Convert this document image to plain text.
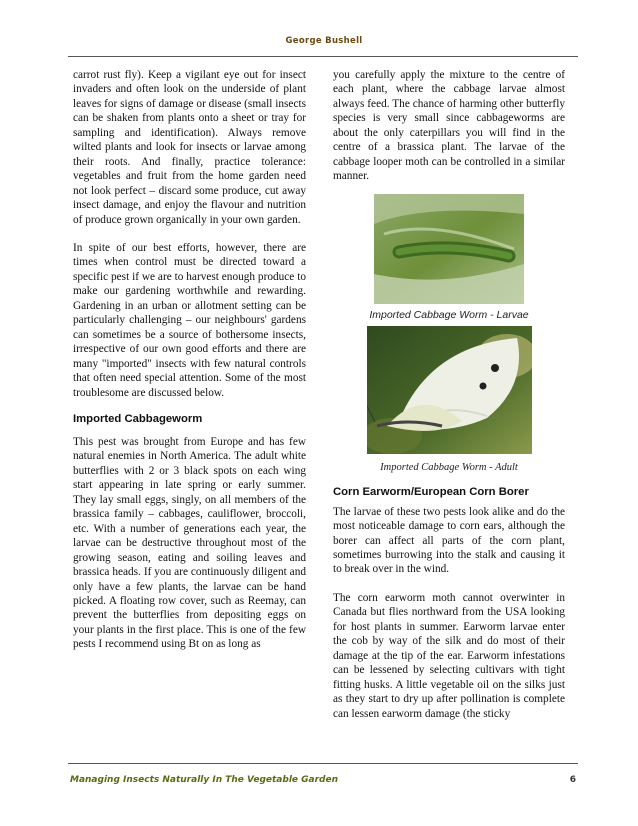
George Bushell

carrot rust fly). Keep a vigilant eye out for insect invaders and often look on the underside of plant leaves for signs of damage or disease (small insects can be shaken from plants onto a sheet or tray for sampling and identification). Always remove wilted plants and look for insects or larvae among their roots. And finally, practice tolerance: vegetables and fruit from the home garden need not look perfect – discard some produce, cut away insect damage, and enjoy the flavour and nutrition of produce grown organically in your own garden.

In spite of our best efforts, however, there are times when control must be directed toward a specific pest if we are to harvest enough produce to make our gardening worthwhile and rewarding. Gardening in an urban or allotment setting can be particularly challenging – our neighbours' gardens can sometimes be a source of bothersome insects, irrespective of our own good efforts and there are many "imported" insects with few natural controls that often need special attention. Some of the most troublesome are discussed below.

Imported Cabbageworm

This pest was brought from Europe and has few natural enemies in North America. The adult white butterflies with 2 or 3 black spots on each wing start appearing in late spring or early summer. They lay small eggs, singly, on all members of the brassica family – cabbages, cauliflower, broccoli, etc. With a number of generations each year, the larvae can be destructive throughout most of the growing season, eating and soiling leaves and brassica heads. If you are continuously diligent and only have a few plants, the larvae can be hand picked. A floating row cover, such as Reemay, can prevent the butterflies from depositing eggs on your plants in the first place. This is one of the few pests I recommend using Bt on as long as

you carefully apply the mixture to the centre of each plant, where the cabbage larvae almost always feed. The chance of harming other butterfly species is very small since cabbageworms are about the only caterpillars you will find in the centre of a brassica plant. The larvae of the cabbage looper moth can be controlled in a similar manner.

Imported Cabbage Worm - Larvae
Imported Cabbage Worm - Adult
Corn Earworm/European Corn Borer

The larvae of these two pests look alike and do the most noticeable damage to corn ears, although the borer can affect all parts of the corn plant, sometimes burrowing into the stalk and causing it to break over in the wind.

The corn earworm moth cannot overwinter in Canada but flies northward from the USA looking for host plants in summer. Earworm larvae enter the cob by way of the silk and do most of their damage at the tip of the ear. Earworm infestations can be lessened by selecting cultivars with tight fitting husks. A little vegetable oil on the silks just as they start to dry up after pollination is complete can lessen earworm damage (the sticky

Managing Insects Naturally In The Vegetable Garden	6
